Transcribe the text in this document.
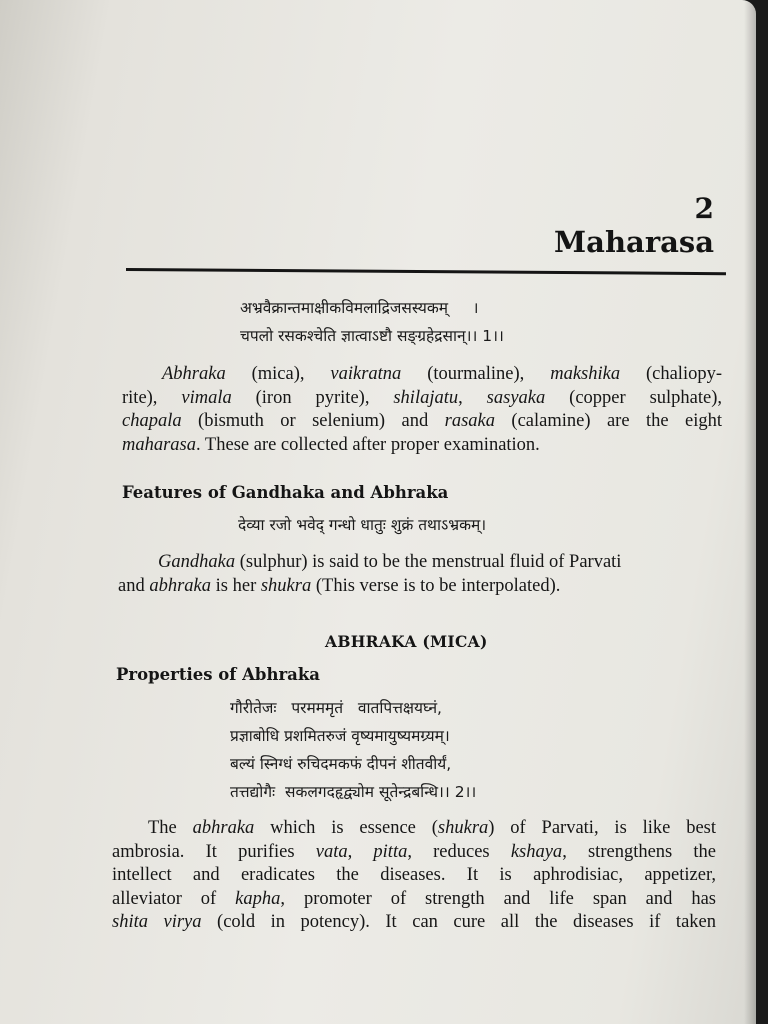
2
Maharasa
अभ्रवैक्रान्तमाक्षीकविमलाद्रिजसस्यकम्     ।
चपलो रसकश्चेति ज्ञात्वाऽष्टौ सङ्ग्रहेद्रसान्।। 1।।
Abhraka (mica), vaikratna (tourmaline), makshika (chaliopy-
rite), vimala (iron pyrite), shilajatu, sasyaka (copper sulphate),
chapala (bismuth or selenium) and rasaka (calamine) are the eight
maharasa. These are collected after proper examination.
Features of Gandhaka and Abhraka
देव्या रजो भवेद् गन्धो धातुः शुक्रं तथाऽभ्रकम्।
Gandhaka (sulphur) is said to be the menstrual fluid of Parvati
and abhraka is her shukra (This verse is to be interpolated).
ABHRAKA (MICA)
Properties of Abhraka
गौरीतेजः   परमममृतं   वातपित्तक्षयघ्नं,
प्रज्ञाबोधि प्रशमितरुजं वृष्यमायुष्यमग्र्यम्।
बल्यं स्निग्धं रुचिदमकफं दीपनं शीतवीर्यं,
तत्तद्योगैः  सकलगदहृद्व्योम सूतेन्द्रबन्धि।। 2।।
The abhraka which is essence (shukra) of Parvati, is like best
ambrosia. It purifies vata, pitta, reduces kshaya, strengthens the
intellect and eradicates the diseases. It is aphrodisiac, appetizer,
alleviator of kapha, promoter of strength and life span and has
shita virya (cold in potency). It can cure all the diseases if taken
